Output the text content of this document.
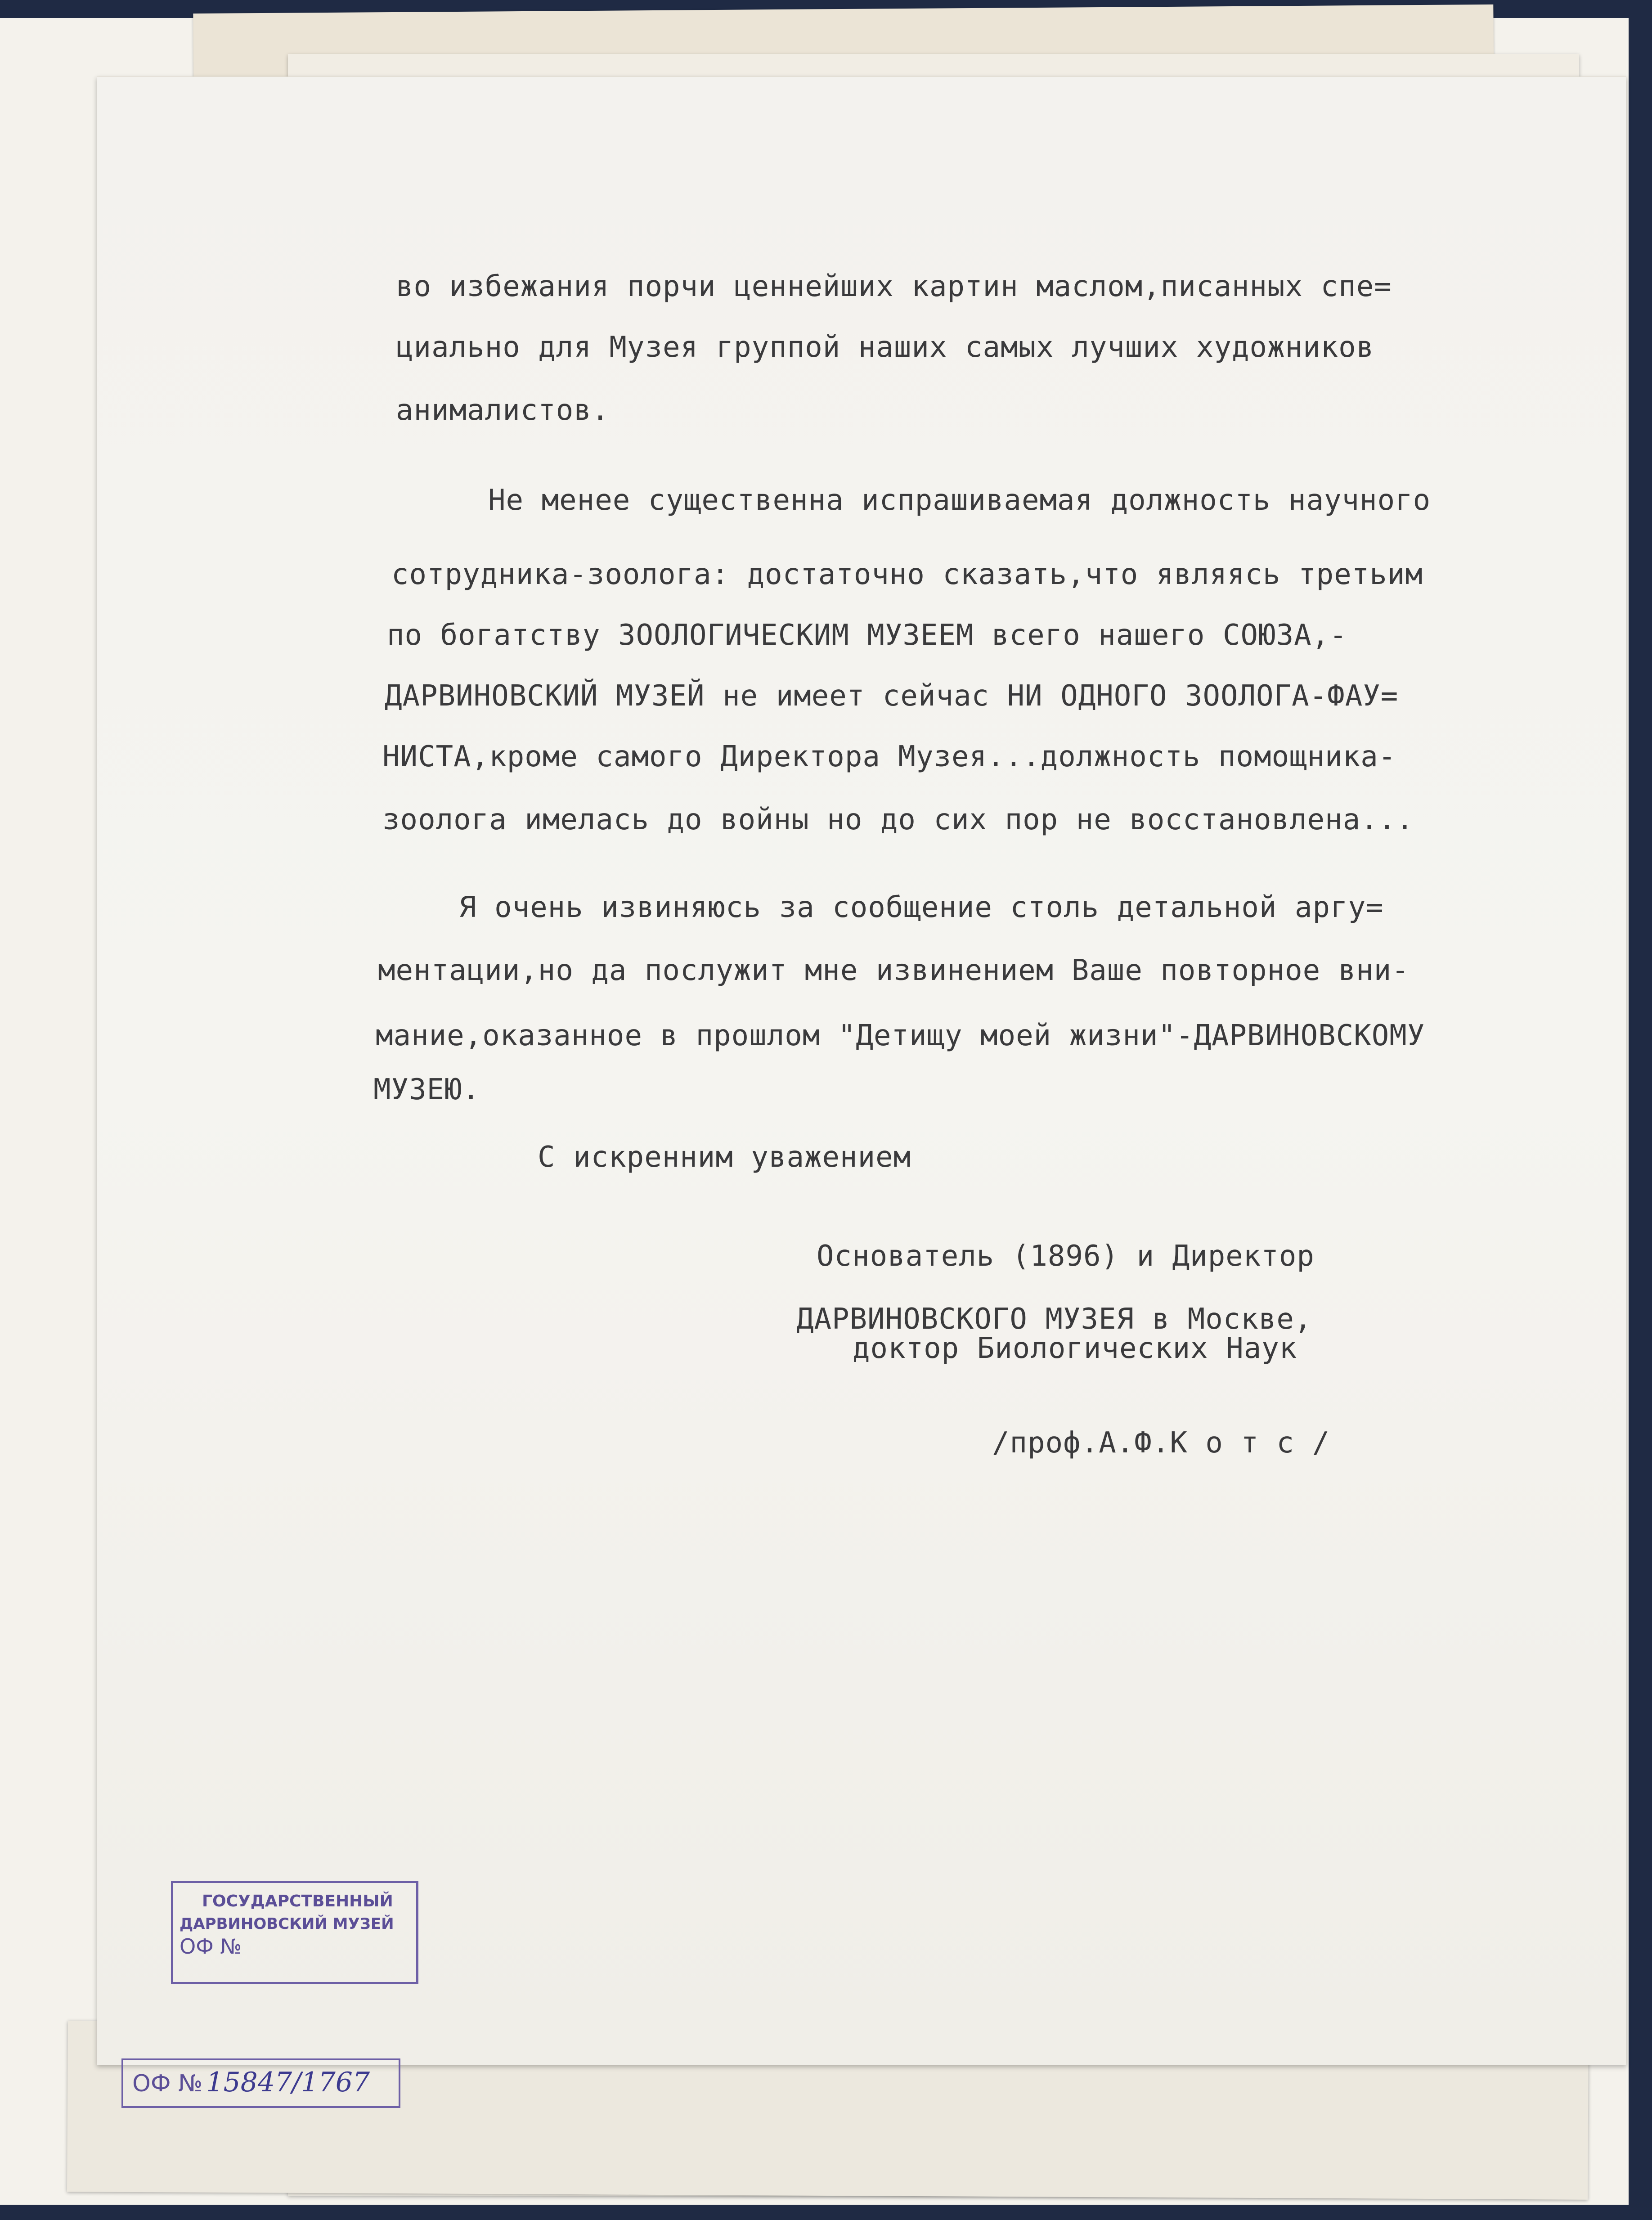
во избежания порчи ценнейших картин маслом,писанных спе=
циально для Музея группой наших самых лучших художников
анималистов.
Не менее существенна испрашиваемая должность научного
сотрудника-зоолога: достаточно сказать,что являясь третьим
по богатству ЗООЛОГИЧЕСКИМ МУЗЕЕМ всего нашего СОЮЗА,-
ДАРВИНОВСКИЙ МУЗЕЙ не имеет сейчас НИ ОДНОГО ЗООЛОГА-ФАУ=
НИСТА,кроме самого Директора Музея...должность помощника-
зоолога имелась до войны но до сих пор не восстановлена...
Я очень извиняюсь за сообщение столь детальной аргу=
ментации,но да послужит мне извинением Ваше повторное вни-
мание,оказанное в прошлом "Детищу моей жизни"-ДАРВИНОВСКОМУ
МУЗЕЮ.
С искренним уважением
Основатель (1896) и Директор
ДАРВИНОВСКОГО МУЗЕЯ в Москве,
доктор Биологических Наук
/проф.А.Ф.К о т с /
ГОСУДАРСТВЕННЫЙ
ДАРВИНОВСКИЙ МУЗЕЙ
ОФ №
ОФ № 15847/1767
